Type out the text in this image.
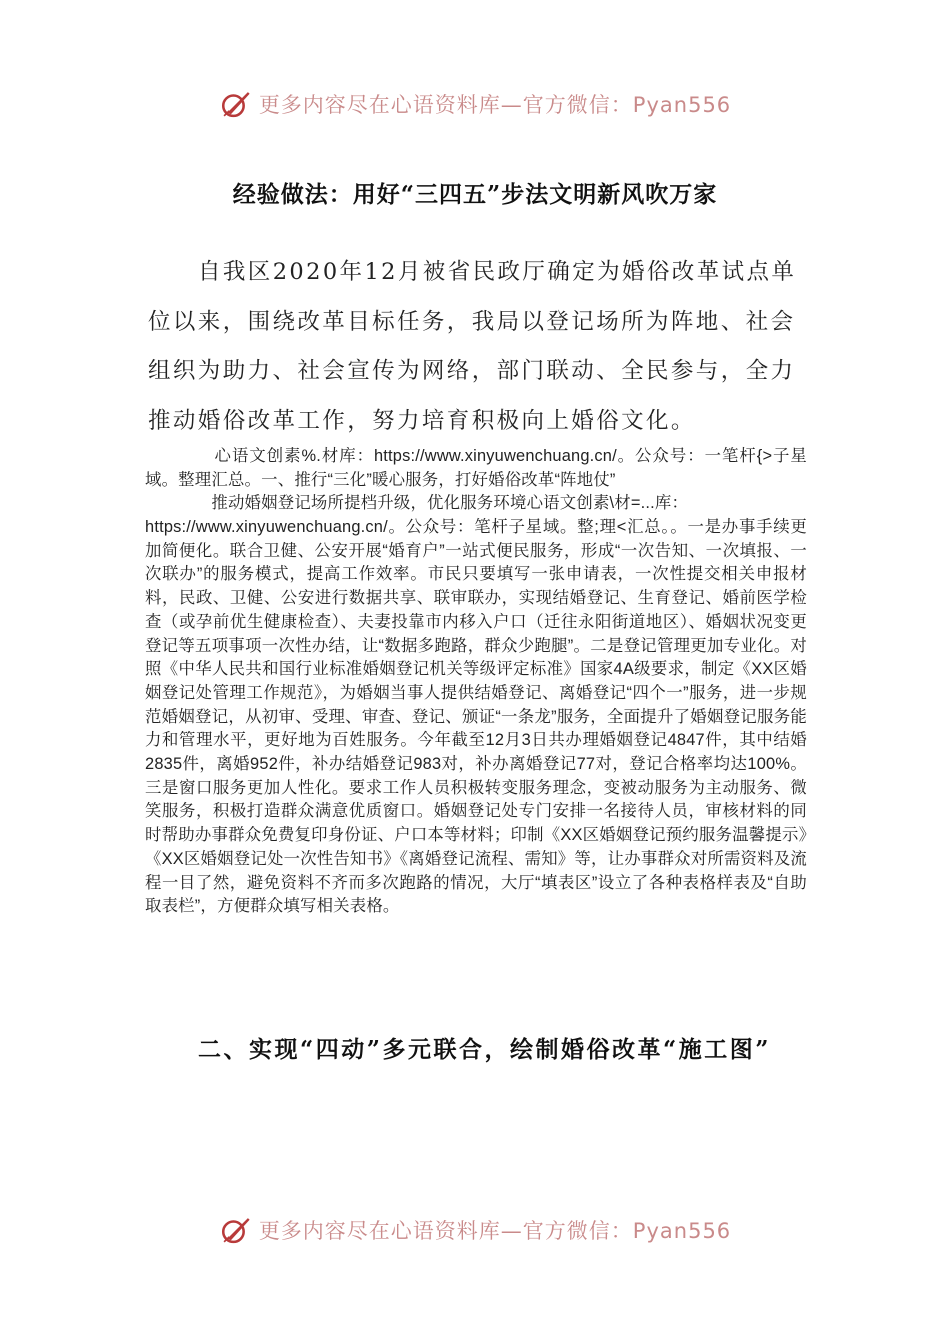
更多内容尽在心语资料库—官方微信：Pyan556
经验做法：用好“三四五”步法文明新风吹万家

自我区2020年12月被省民政厅确定为婚俗改革试点单位以来，围绕改革目标任务，我局以登记场所为阵地、社会组织为助力、社会宣传为网络，部门联动、全民参与，全力推动婚俗改革工作，努力培育积极向上婚俗文化。

　　　　心语文创素%.材库：https://www.xinyuwenchuang.cn/。公众号：一笔杆{>子星域。整理汇总。一、推行“三化”暖心服务，打好婚俗改革“阵地仗”

　　　　推动婚姻登记场所提档升级，优化服务环境心语文创素\材=...库：

https://www.xinyuwenchuang.cn/。公众号：笔杆子星域。整;理<汇总。。一是办事手续更加简便化。联合卫健、公安开展“婚育户”一站式便民服务，形成“一次告知、一次填报、一次联办”的服务模式，提高工作效率。市民只要填写一张申请表，一次性提交相关申报材料，民政、卫健、公安进行数据共享、联审联办，实现结婚登记、生育登记、婚前医学检查（或孕前优生健康检查）、夫妻投靠市内移入户口（迁往永阳街道地区）、婚姻状况变更登记等五项事项一次性办结，让“数据多跑路，群众少跑腿”。二是登记管理更加专业化。对照《中华人民共和国行业标准婚姻登记机关等级评定标准》国家4A级要求，制定《XX区婚姻登记处管理工作规范》，为婚姻当事人提供结婚登记、离婚登记“四个一”服务，进一步规范婚姻登记，从初审、受理、审查、登记、颁证“一条龙”服务，全面提升了婚姻登记服务能力和管理水平，更好地为百姓服务。今年截至12月3日共办理婚姻登记4847件，其中结婚2835件，离婚952件，补办结婚登记983对，补办离婚登记77对，登记合格率均达100%。三是窗口服务更加人性化。要求工作人员积极转变服务理念，变被动服务为主动服务、微笑服务，积极打造群众满意优质窗口。婚姻登记处专门安排一名接待人员，审核材料的同时帮助办事群众免费复印身份证、户口本等材料；印制《XX区婚姻登记预约服务温馨提示》《XX区婚姻登记处一次性告知书》《离婚登记流程、需知》等，让办事群众对所需资料及流程一目了然，避免资料不齐而多次跑路的情况，大厅“填表区”设立了各种表格样表及“自助取表栏”，方便群众填写相关表格。

二、实现“四动”多元联合，绘制婚俗改革“施工图”

更多内容尽在心语资料库—官方微信：Pyan556
